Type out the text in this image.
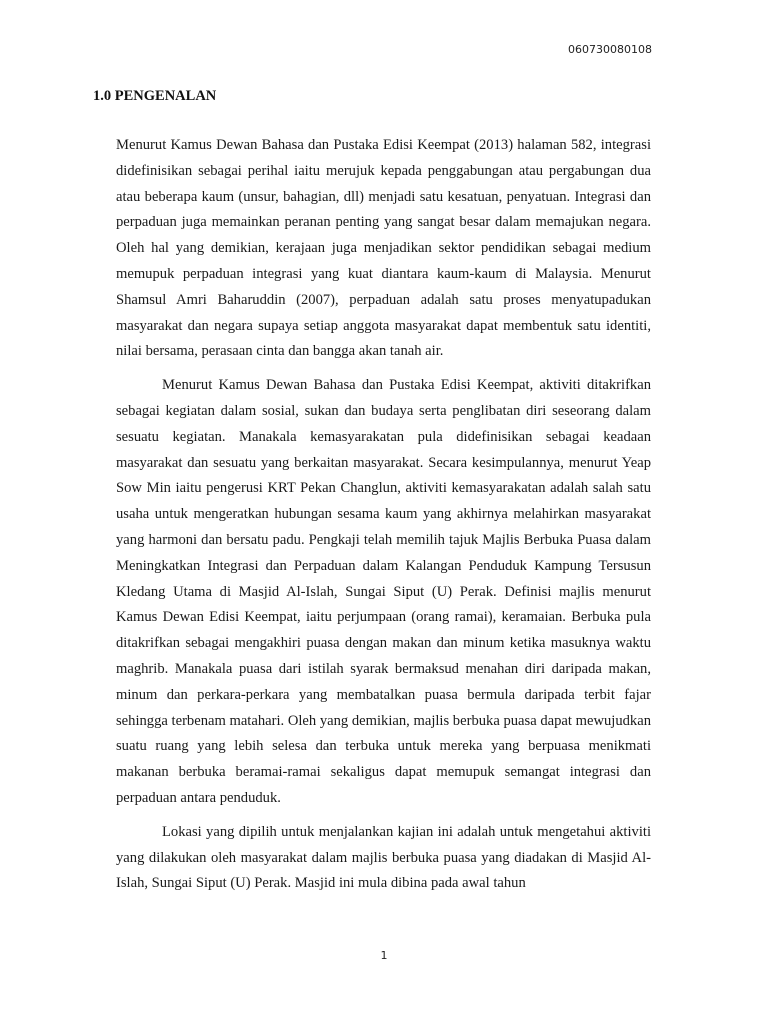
060730080108
1.0 PENGENALAN

Menurut Kamus Dewan Bahasa dan Pustaka Edisi Keempat (2013) halaman 582, integrasi didefinisikan sebagai perihal iaitu merujuk kepada penggabungan atau pergabungan dua atau beberapa kaum (unsur, bahagian, dll) menjadi satu kesatuan, penyatuan. Integrasi dan perpaduan juga memainkan peranan penting yang sangat besar dalam memajukan negara. Oleh hal yang demikian, kerajaan juga menjadikan sektor pendidikan sebagai medium memupuk perpaduan integrasi yang kuat diantara kaum-kaum di Malaysia. Menurut Shamsul Amri Baharuddin (2007), perpaduan adalah satu proses menyatupadukan masyarakat dan negara supaya setiap anggota masyarakat dapat membentuk satu identiti, nilai bersama, perasaan cinta dan bangga akan tanah air.

Menurut Kamus Dewan Bahasa dan Pustaka Edisi Keempat, aktiviti ditakrifkan sebagai kegiatan dalam sosial, sukan dan budaya serta penglibatan diri seseorang dalam sesuatu kegiatan. Manakala kemasyarakatan pula didefinisikan sebagai keadaan masyarakat dan sesuatu yang berkaitan masyarakat. Secara kesimpulannya, menurut Yeap Sow Min iaitu pengerusi KRT Pekan Changlun, aktiviti kemasyarakatan adalah salah satu usaha untuk mengeratkan hubungan sesama kaum yang akhirnya melahirkan masyarakat yang harmoni dan bersatu padu. Pengkaji telah memilih tajuk Majlis Berbuka Puasa dalam Meningkatkan Integrasi dan Perpaduan dalam Kalangan Penduduk Kampung Tersusun Kledang Utama di Masjid Al-Islah, Sungai Siput (U) Perak. Definisi majlis menurut Kamus Dewan Edisi Keempat, iaitu perjumpaan (orang ramai), keramaian. Berbuka pula ditakrifkan sebagai mengakhiri puasa dengan makan dan minum ketika masuknya waktu maghrib. Manakala puasa dari istilah syarak bermaksud menahan diri daripada makan, minum dan perkara-perkara yang membatalkan puasa bermula daripada terbit fajar sehingga terbenam matahari. Oleh yang demikian, majlis berbuka puasa dapat mewujudkan suatu ruang yang lebih selesa dan terbuka untuk mereka yang berpuasa menikmati makanan berbuka beramai-ramai sekaligus dapat memupuk semangat integrasi dan perpaduan antara penduduk.

Lokasi yang dipilih untuk menjalankan kajian ini adalah untuk mengetahui aktiviti yang dilakukan oleh masyarakat dalam majlis berbuka puasa yang diadakan di Masjid Al-Islah, Sungai Siput (U) Perak. Masjid ini mula dibina pada awal tahun

1
